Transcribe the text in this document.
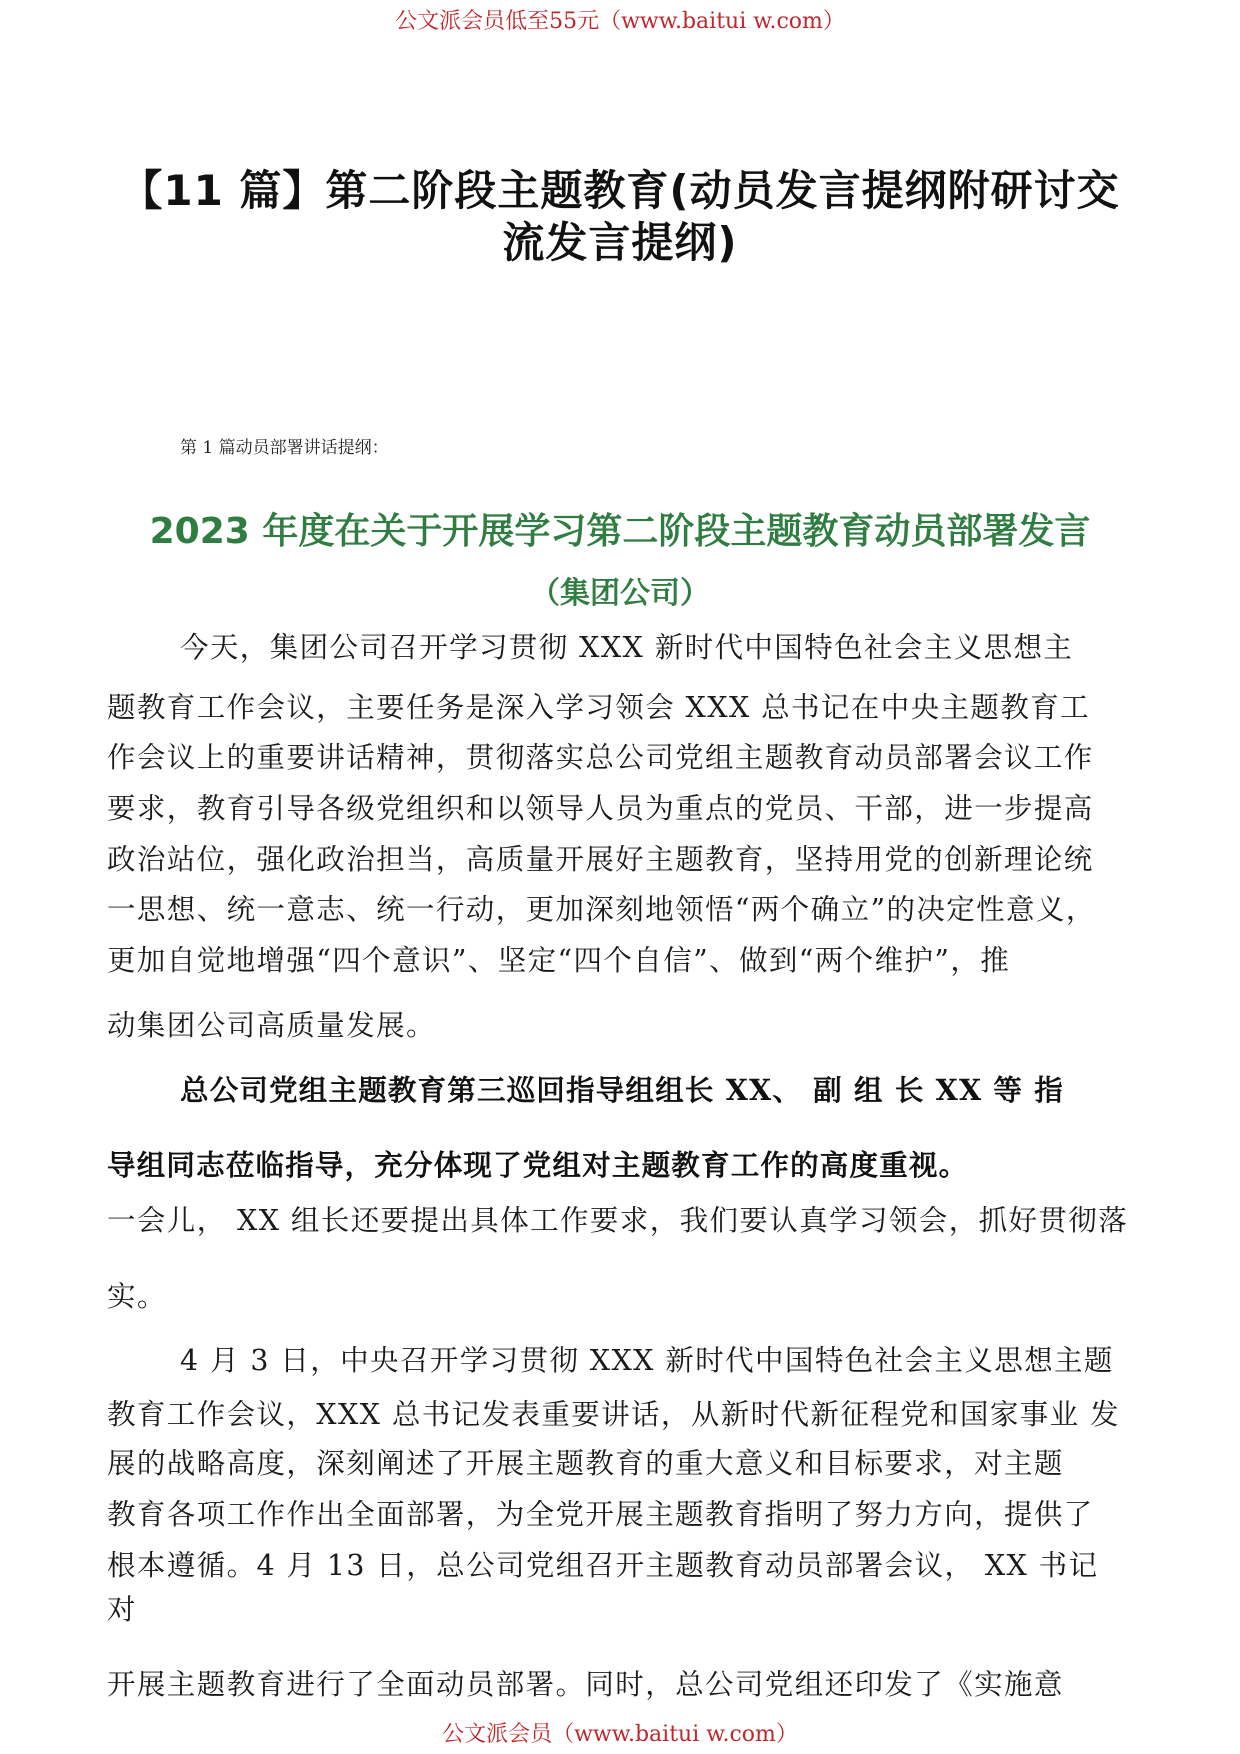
公文派会员低至55元（www.baitui w.com）
【11 篇】第二阶段主题教育(动员发言提纲附研讨交
流发言提纲)
第 1 篇动员部署讲话提纲：
2023 年度在关于开展学习第二阶段主题教育动员部署发言
（集团公司）
今天，集团公司召开学习贯彻 XXX 新时代中国特色社会主义思想主
题教育工作会议，主要任务是深入学习领会 XXX 总书记在中央主题教育工
作会议上的重要讲话精神，贯彻落实总公司党组主题教育动员部署会议工作
要求，教育引导各级党组织和以领导人员为重点的党员、干部，进一步提高
政治站位，强化政治担当，高质量开展好主题教育，坚持用党的创新理论统
一思想、统一意志、统一行动，更加深刻地领悟“两个确立”的决定性意义，
更加自觉地增强“四个意识”、坚定“四个自信”、做到“两个维护”，推
动集团公司高质量发展。
总公司党组主题教育第三巡回指导组组长 XX、 副 组 长 XX 等 指
导组同志莅临指导，充分体现了党组对主题教育工作的高度重视。
一会儿， XX 组长还要提出具体工作要求，我们要认真学习领会，抓好贯彻落
实。
4 月 3 日，中央召开学习贯彻 XXX 新时代中国特色社会主义思想主题
教育工作会议，XXX 总书记发表重要讲话，从新时代新征程党和国家事业 发
展的战略高度，深刻阐述了开展主题教育的重大意义和目标要求，对主题
教育各项工作作出全面部署，为全党开展主题教育指明了努力方向，提供了
根本遵循。4 月 13 日，总公司党组召开主题教育动员部署会议， XX 书记
对
开展主题教育进行了全面动员部署。同时，总公司党组还印发了《实施意
公文派会员（www.baitui w.com）
